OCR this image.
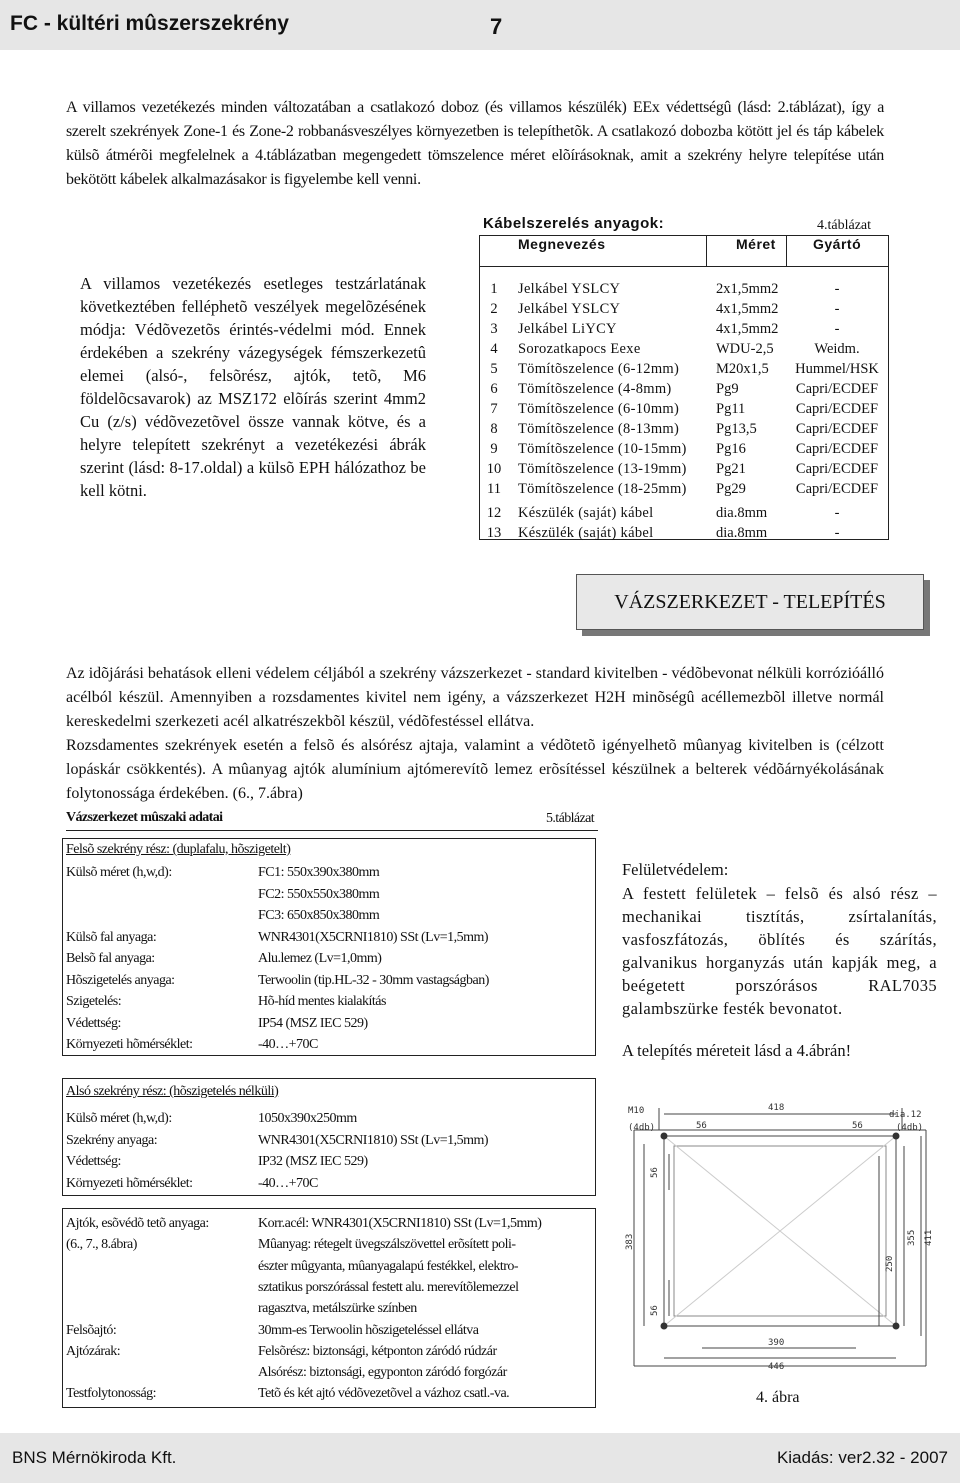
FC - kültéri mûszerszekrény	7
A villamos vezetékezés minden változatában a csatlakozó doboz (és villamos készülék) EEx védettségû (lásd: 2.táblázat), így a szerelt szekrények Zone-1 és Zone-2 robbanásveszélyes környezetben is telepíthetõk. A csatlakozó dobozba kötött jel és táp kábelek külsõ átmérõi megfelelnek a 4.táblázatban megengedett tömszelence méret elõírásoknak, amit a szekrény helyre telepítése után bekötött kábelek alkalmazásakor is figyelembe kell venni.
A villamos vezetékezés esetleges testzárlatának következtében felléphetõ veszélyek megelõzésének módja: Védõvezetõs érintés-védelmi mód. Ennek érdekében a szekrény vázegységek fémszerkezetû elemei (alsó-, felsõrész, ajtók, tetõ, M6 földelõcsavarok) az MSZ172 elõírás szerint 4mm2 Cu (z/s) védõvezetõvel össze vannak kötve, és a helyre telepített szekrényt a vezetékezési ábrák szerint (lásd: 8-17.oldal) a külsõ EPH hálózathoz be kell kötni.
Kábelszerelés anyagok:	4.táblázat
Megnevezés	Méret	Gyártó
1	Jelkábel YSLCY	2x1,5mm2	-
2	Jelkábel YSLCY	4x1,5mm2	-
3	Jelkábel LiYCY	4x1,5mm2	-
4	Sorozatkapocs Eexe	WDU-2,5	Weidm.
5	Tömítõszelence (6-12mm)	M20x1,5	Hummel/HSK
6	Tömítõszelence (4-8mm)	Pg9	Capri/ECDEF
7	Tömítõszelence (6-10mm)	Pg11	Capri/ECDEF
8	Tömítõszelence (8-13mm)	Pg13,5	Capri/ECDEF
9	Tömítõszelence (10-15mm)	Pg16	Capri/ECDEF
10 Tömítõszelence (13-19mm)	Pg21	Capri/ECDEF
11 Tömítõszelence (18-25mm)	Pg29	Capri/ECDEF
12 Készülék (saját) kábel	dia.8mm	-
13 Készülék (saját) kábel	dia.8mm	-
VÁZSZERKEZET - TELEPÍTÉS
Az idõjárási behatások elleni védelem céljából a szekrény vázszerkezet - standard kivitelben - védõbevonat nélküli korrózióálló acélból készül. Amennyiben a rozsdamentes kivitel nem igény, a vázszerkezet H2H minõségû acéllemezbõl illetve normál kereskedelmi szerkezeti acél alkatrészekbõl készül, védõfestéssel ellátva.
Rozsdamentes szekrények esetén a felsõ és alsórész ajtaja, valamint a védõtetõ igényelhetõ mûanyag kivitelben is (célzott lopáskár csökkentés). A mûanyag ajtók alumínium ajtómerevítõ lemez erõsítéssel készülnek a belterek védõárnyékolásának folytonossága érdekében. (6., 7.ábra)
Vázszerkezet mûszaki adatai	5.táblázat
Felsõ szekrény rész: (duplafalu, hõszigetelt)
Külsõ méret (h,w,d):	FC1: 550x390x380mm
FC2: 550x550x380mm
FC3: 650x850x380mm
Külsõ fal anyaga:	WNR4301(X5CRNI1810) SSt (Lv=1,5mm)
Belsõ fal anyaga:	Alu.lemez (Lv=1,0mm)
Hõszigetelés anyaga:	Terwoolin (tip.HL-32 - 30mm vastagságban)
Szigetelés:	Hõ-híd mentes kialakítás
Védettség:	IP54 (MSZ IEC 529)
Környezeti hõmérséklet:	-40…+70C
Alsó szekrény rész: (hõszigetelés nélküli)
Külsõ méret (h,w,d):	1050x390x250mm
Szekrény anyaga:	WNR4301(X5CRNI1810) SSt (Lv=1,5mm)
Védettség:	IP32 (MSZ IEC 529)
Környezeti hõmérséklet:	-40…+70C
Ajtók, esõvédõ tetõ anyaga:	Korr.acél: WNR4301(X5CRNI1810) SSt (Lv=1,5mm)
(6., 7., 8.ábra)	Mûanyag: rétegelt üvegszálszövettel erõsített poli-
észter mûgyanta, mûanyagalapú festékkel, elektro-
sztatikus porszórással festett alu. merevítõlemezzel
ragasztva, metálszürke színben
Felsõajtó:	30mm-es Terwoolin hõszigeteléssel ellátva
Ajtózárak:	Felsõrész: biztonsági, kétponton záródó rúdzár
Alsórész: biztonsági, egyponton záródó forgózár
Testfolytonosság:	Tetõ és két ajtó védõvezetõvel a vázhoz csatl.-va.
Felületvédelem:
A festett felületek – felsõ és alsó rész – mechanikai tisztítás, zsírtalanítás, vasfoszfátozás, öblítés és szárítás, galvanikus horganyzás után kapják meg, a beégetett porszórásos RAL7035 galambszürke festék bevonatot.
A telepítés méreteit lásd a 4.ábrán!
M10
(4db)
dia.12
(4db)
418
56	56
390
446
56
56
383
250
355 411
4. ábra
BNS Mérnökiroda Kft.	Kiadás: ver2.32 - 2007
